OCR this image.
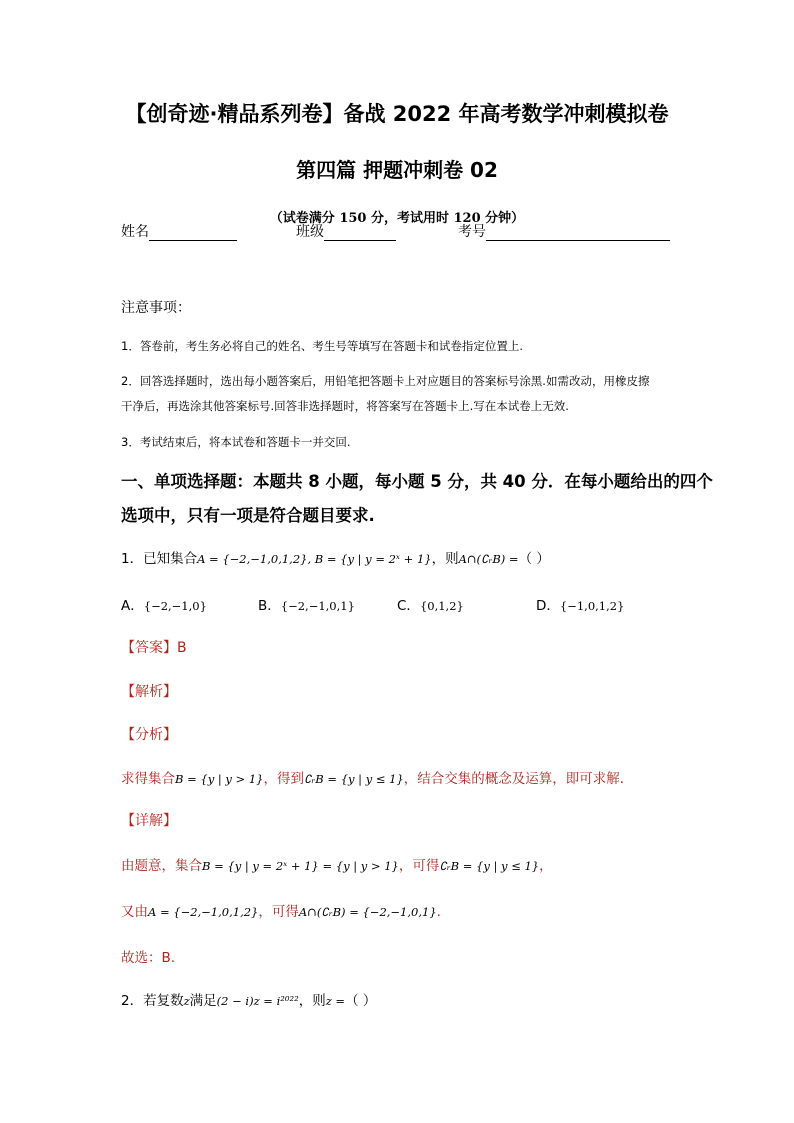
【创奇迹·精品系列卷】备战 2022 年高考数学冲刺模拟卷
第四篇 押题冲刺卷 02
（试卷满分 150 分，考试用时 120 分钟）
姓名	班级	考号
注意事项：
1．答卷前，考生务必将自己的姓名、考生号等填写在答题卡和试卷指定位置上.
2．回答选择题时，选出每小题答案后，用铅笔把答题卡上对应题目的答案标号涂黑.如需改动，用橡皮擦
干净后，再选涂其他答案标号.回答非选择题时，将答案写在答题卡上.写在本试卷上无效.
3．考试结束后，将本试卷和答题卡一并交回.
一、单项选择题：本题共 8 小题，每小题 5 分，共 40 分．在每小题给出的四个
选项中，只有一项是符合题目要求.
1．已知集合A = {−2,−1,0,1,2}, B = {y | y = 2ˣ + 1}，则A∩(∁ᵣB) =（ ）
A．{−2,−1,0}	B．{−2,−1,0,1}	C．{0,1,2}	D．{−1,0,1,2}
【答案】B
【解析】
【分析】
求得集合B = {y | y > 1}，得到∁ᵣB = {y | y ≤ 1}，结合交集的概念及运算，即可求解．
【详解】
由题意，集合B = {y | y = 2ˣ + 1} = {y | y > 1}，可得∁ᵣB = {y | y ≤ 1}，
又由A = {−2,−1,0,1,2}，可得A∩(∁ᵣB) = {−2,−1,0,1}.
故选：B.
2．若复数z满足(2 − i)z = i²⁰²²，则z =（ ）
